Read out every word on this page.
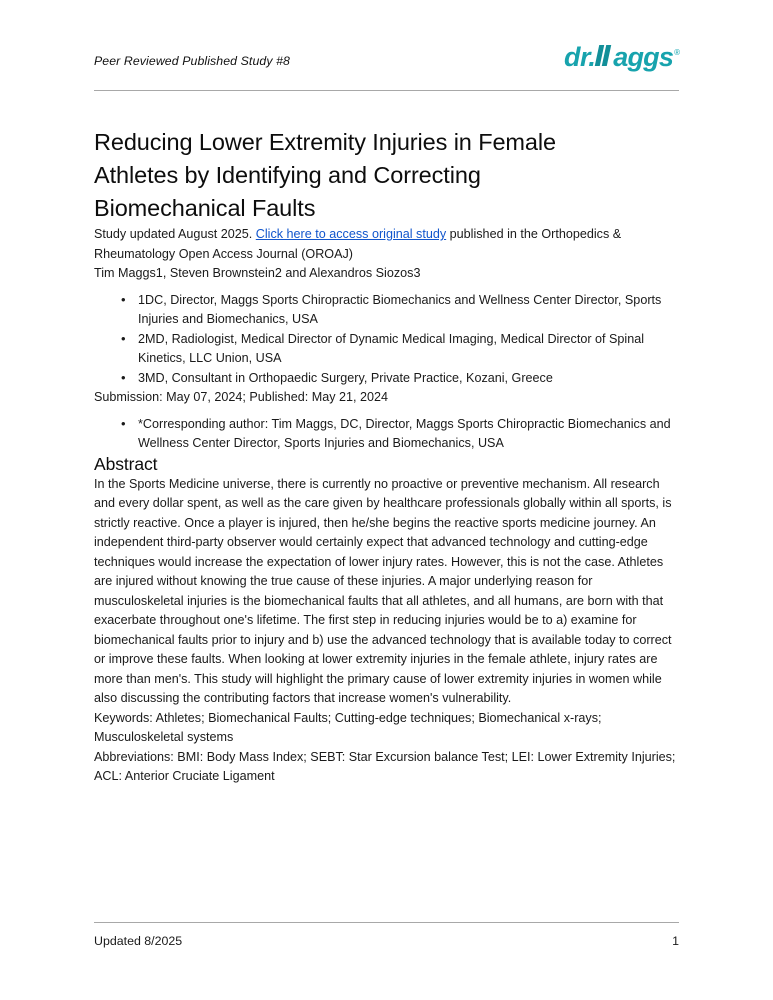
Peer Reviewed Published Study #8	dr. aggs ®
Reducing Lower Extremity Injuries in Female Athletes by Identifying and Correcting Biomechanical Faults

Study updated August 2025. Click here to access original study published in the Orthopedics & Rheumatology Open Access Journal (OROAJ)

Tim Maggs1, Steven Brownstein2 and Alexandros Siozos3

• 1DC, Director, Maggs Sports Chiropractic Biomechanics and Wellness Center Director, Sports Injuries and Biomechanics, USA
• 2MD, Radiologist, Medical Director of Dynamic Medical Imaging, Medical Director of Spinal Kinetics, LLC Union, USA
• 3MD, Consultant in Orthopaedic Surgery, Private Practice, Kozani, Greece

Submission: May 07, 2024; Published: May 21, 2024

• *Corresponding author: Tim Maggs, DC, Director, Maggs Sports Chiropractic Biomechanics and Wellness Center Director, Sports Injuries and Biomechanics, USA
Abstract

In the Sports Medicine universe, there is currently no proactive or preventive mechanism. All research and every dollar spent, as well as the care given by healthcare professionals globally within all sports, is strictly reactive. Once a player is injured, then he/she begins the reactive sports medicine journey. An independent third-party observer would certainly expect that advanced technology and cutting-edge techniques would increase the expectation of lower injury rates. However, this is not the case. Athletes are injured without knowing the true cause of these injuries. A major underlying reason for musculoskeletal injuries is the biomechanical faults that all athletes, and all humans, are born with that exacerbate throughout one's lifetime. The first step in reducing injuries would be to a) examine for biomechanical faults prior to injury and b) use the advanced technology that is available today to correct or improve these faults. When looking at lower extremity injuries in the female athlete, injury rates are more than men's. This study will highlight the primary cause of lower extremity injuries in women while also discussing the contributing factors that increase women's vulnerability.

Keywords: Athletes; Biomechanical Faults; Cutting-edge techniques; Biomechanical x-rays; Musculoskeletal systems

Abbreviations: BMI: Body Mass Index; SEBT: Star Excursion balance Test; LEI: Lower Extremity Injuries; ACL: Anterior Cruciate Ligament

Updated 8/2025	1
